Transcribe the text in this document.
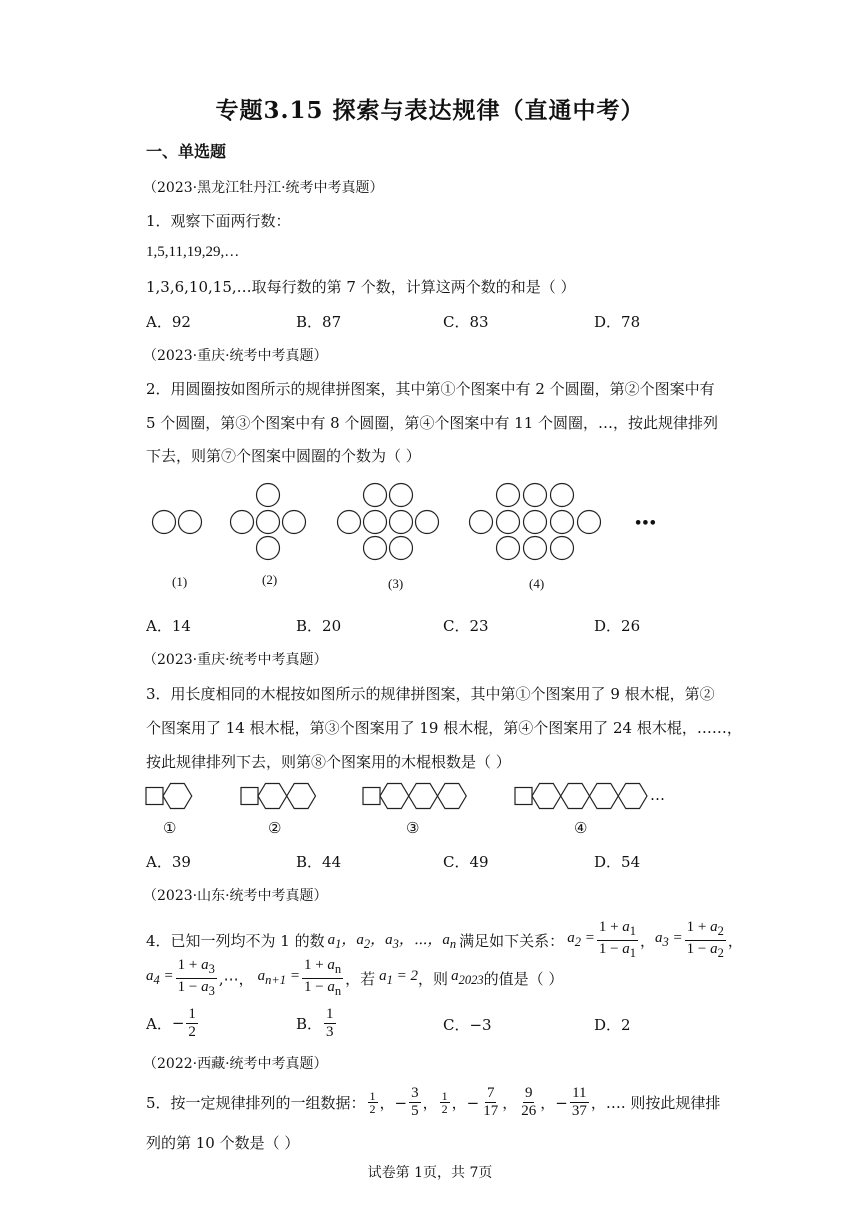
专题3.15 探索与表达规律（直通中考）
一、单选题
（2023·黑龙江牡丹江·统考中考真题）
1．观察下面两行数：
1,5,11,19,29,…
1,3,6,10,15,…取每行数的第 7 个数，计算这两个数的和是（ ）
A．92	B．87	C．83	D．78
（2023·重庆·统考中考真题）
2．用圆圈按如图所示的规律拼图案，其中第①个图案中有 2 个圆圈，第②个图案中有
5 个圆圈，第③个图案中有 8 个圆圈，第④个图案中有 11 个圆圈，…，按此规律排列
下去，则第⑦个图案中圆圈的个数为（ ）
(1)	(2)	(3)	(4)
•••
A．14	B．20	C．23	D．26
（2023·重庆·统考中考真题）
3．用长度相同的木棍按如图所示的规律拼图案，其中第①个图案用了 9 根木棍，第②
个图案用了 14 根木棍，第③个图案用了 19 根木棍，第④个图案用了 24 根木棍，……，
按此规律排列下去，则第⑧个图案用的木棍根数是（ ）
①	②	③	④
…
A．39	B．44	C．49	D．54
（2023·山东·统考中考真题）
4．已知一列均不为 1 的数 $a_1$，$a_2$，$a_3$，⋯，$a_n$ 满足如下关系： $a_2 = \frac{1 + a_1}{1 - a_1}$ ， $a_3 = \frac{1 + a_2}{1 - a_2}$ ，
$a_4 = \frac{1 + a_3}{1 - a_3}$ ,⋯， $a_{n+1} = \frac{1 + a_n}{1 - a_n}$ ，若 $a_1 = 2$ ，则 $a_{2023}$ 的值是（ ）
A． − $\frac{1}{2}$	B． $\frac{1}{3}$	C．−3	D．2
（2022·西藏·统考中考真题）
5．按一定规律排列的一组数据： $\frac{1}{2}$ ，− $\frac{3}{5}$ ， $\frac{1}{2}$ ，− $\frac{7}{17}$ ， $\frac{9}{26}$ ，− $\frac{11}{37}$ ，…. 则按此规律排
列的第 10 个数是（ ）
试卷第 1页，共 7页
